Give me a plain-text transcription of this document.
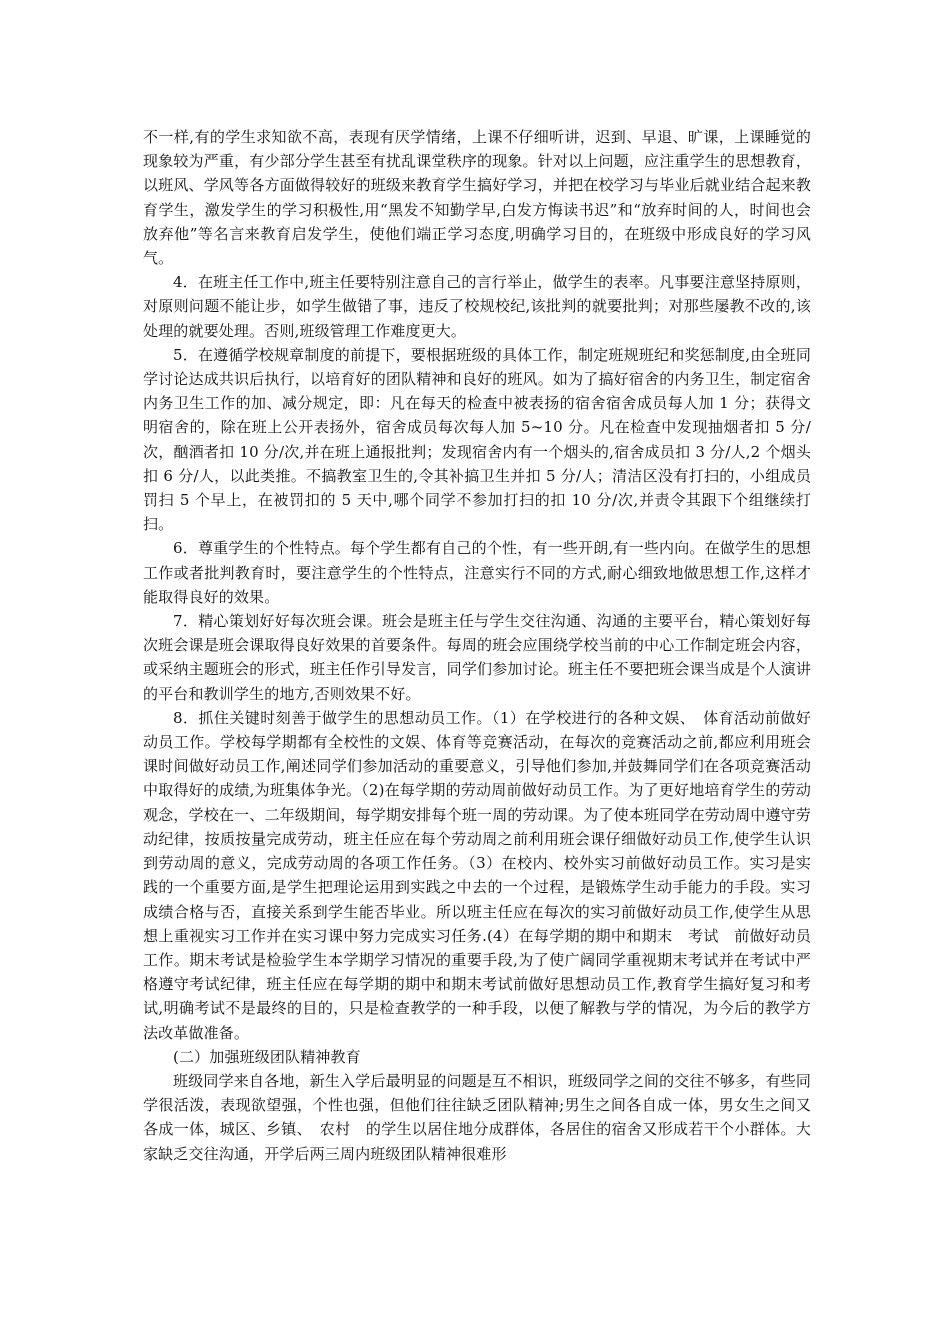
不一样,有的学生求知欲不高，表现有厌学情绪，上课不仔细听讲，迟到、早退、旷课，上课睡觉的现象较为严重，有少部分学生甚至有扰乱课堂秩序的现象。针对以上问题，应注重学生的思想教育，以班风、学风等各方面做得较好的班级来教育学生搞好学习，并把在校学习与毕业后就业结合起来教育学生，激发学生的学习积极性,用“黑发不知勤学早,白发方悔读书迟”和“放弃时间的人，时间也会放弃他”等名言来教育启发学生，使他们端正学习态度,明确学习目的，在班级中形成良好的学习风气。

4．在班主任工作中,班主任要特别注意自己的言行举止，做学生的表率。凡事要注意坚持原则，对原则问题不能让步，如学生做错了事，违反了校规校纪,该批判的就要批判；对那些屡教不改的,该处理的就要处理。否则,班级管理工作难度更大。

5．在遵循学校规章制度的前提下，要根据班级的具体工作，制定班规班纪和奖惩制度,由全班同学讨论达成共识后执行，以培育好的团队精神和良好的班风。如为了搞好宿舍的内务卫生，制定宿舍内务卫生工作的加、减分规定，即：凡在每天的检查中被表扬的宿舍宿舍成员每人加 1 分；获得文明宿舍的，除在班上公开表扬外，宿舍成员每次每人加 5~10 分。凡在检查中发现抽烟者扣 5 分/次，酗酒者扣 10 分/次,并在班上通报批判；发现宿舍内有一个烟头的,宿舍成员扣 3 分/人,2 个烟头扣 6 分/人，以此类推。不搞教室卫生的,令其补搞卫生并扣 5 分/人；清洁区没有打扫的，小组成员罚扫 5 个早上，在被罚扣的 5 天中,哪个同学不参加打扫的扣 10 分/次,并责令其跟下个组继续打扫。

6．尊重学生的个性特点。每个学生都有自己的个性，有一些开朗,有一些内向。在做学生的思想工作或者批判教育时，要注意学生的个性特点，注意实行不同的方式,耐心细致地做思想工作,这样才能取得良好的效果。

7．精心策划好好每次班会课。班会是班主任与学生交往沟通、沟通的主要平台，精心策划好每次班会课是班会课取得良好效果的首要条件。每周的班会应围绕学校当前的中心工作制定班会内容，或采纳主题班会的形式，班主任作引导发言，同学们参加讨论。班主任不要把班会课当成是个人演讲的平台和教训学生的地方,否则效果不好。

8．抓住关键时刻善于做学生的思想动员工作。（1）在学校进行的各种文娱、　体育活动前做好动员工作。学校每学期都有全校性的文娱、体育等竞赛活动，在每次的竞赛活动之前,都应利用班会课时间做好动员工作,阐述同学们参加活动的重要意义，引导他们参加,并鼓舞同学们在各项竞赛活动中取得好的成绩,为班集体争光。（2)在每学期的劳动周前做好动员工作。为了更好地培育学生的劳动观念，学校在一、二年级期间，每学期安排每个班一周的劳动课。为了使本班同学在劳动周中遵守劳动纪律，按质按量完成劳动，班主任应在每个劳动周之前利用班会课仔细做好动员工作,使学生认识到劳动周的意义，完成劳动周的各项工作任务。（3）在校内、校外实习前做好动员工作。实习是实践的一个重要方面,是学生把理论运用到实践之中去的一个过程，是锻炼学生动手能力的手段。实习成绩合格与否，直接关系到学生能否毕业。所以班主任应在每次的实习前做好动员工作,使学生从思想上重视实习工作并在实习课中努力完成实习任务.(4）在每学期的期中和期末　考试　前做好动员工作。期末考试是检验学生本学期学习情况的重要手段,为了使广阔同学重视期末考试并在考试中严格遵守考试纪律，班主任应在每学期的期中和期末考试前做好思想动员工作,教育学生搞好复习和考试,明确考试不是最终的目的，只是检查教学的一种手段，以便了解教与学的情况，为今后的教学方法改革做准备。

(二）加强班级团队精神教育

班级同学来自各地，新生入学后最明显的问题是互不相识，班级同学之间的交往不够多，有些同学很活泼，表现欲望强，个性也强，但他们往往缺乏团队精神;男生之间各自成一体，男女生之间又各成一体，城区、乡镇、　农村　的学生以居住地分成群体，各居住的宿舍又形成若干个小群体。大家缺乏交往沟通，开学后两三周内班级团队精神很难形
